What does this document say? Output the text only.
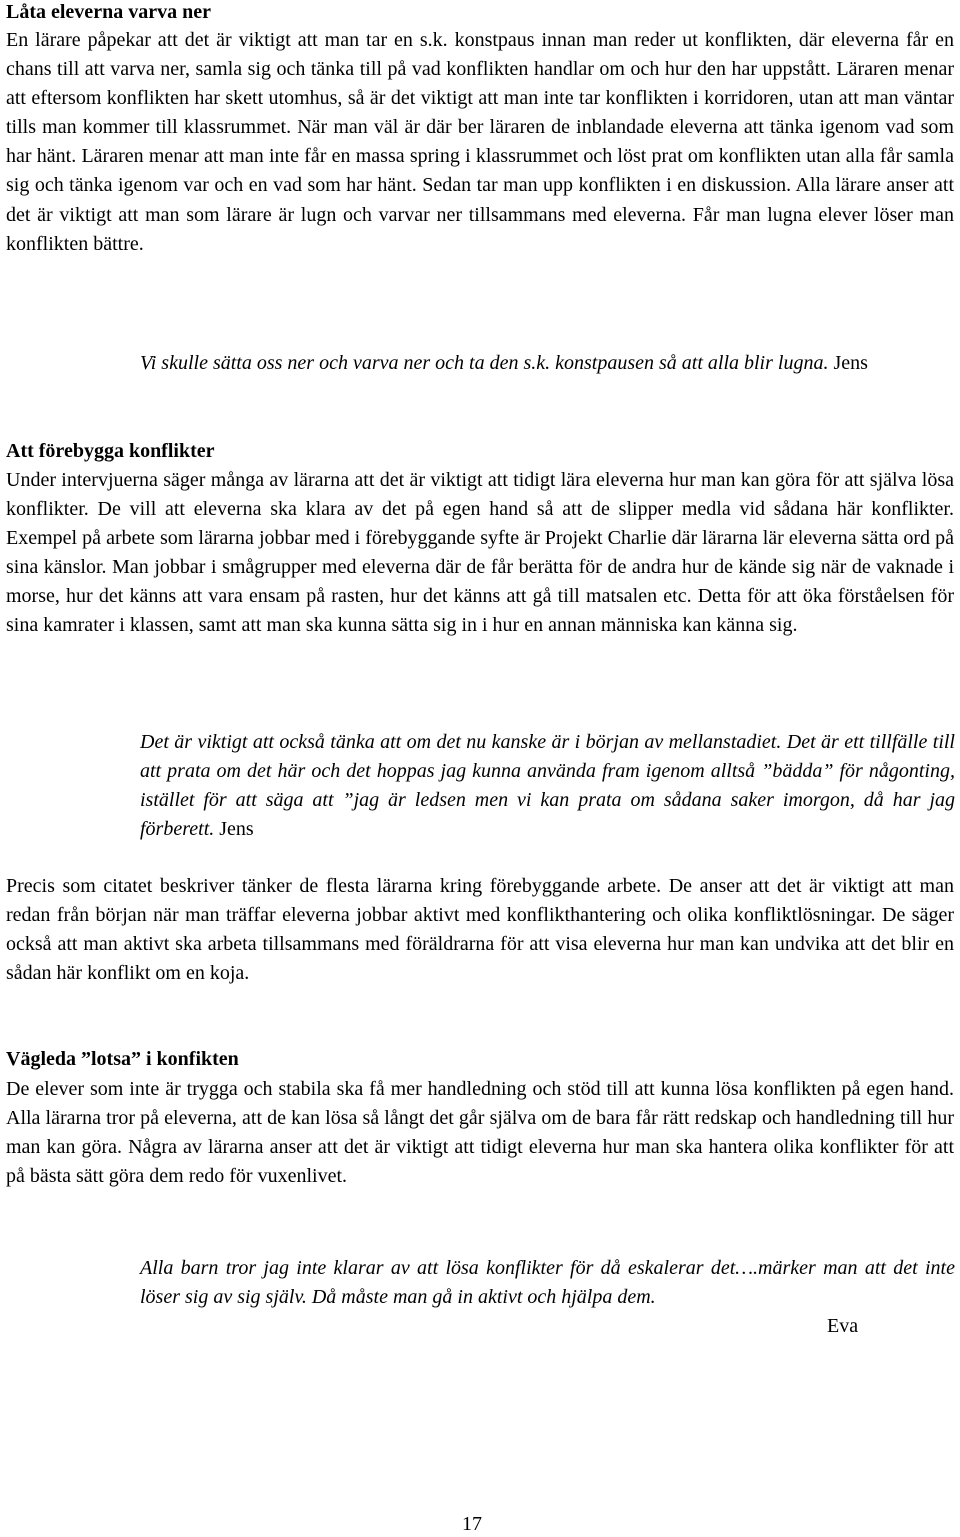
Låta eleverna varva ner

En lärare påpekar att det är viktigt att man tar en s.k. konstpaus innan man reder ut konflikten, där eleverna får en chans till att varva ner, samla sig och tänka till på vad konflikten handlar om och hur den har uppstått. Läraren menar att eftersom konflikten har skett utomhus, så är det viktigt att man inte tar konflikten i korridoren, utan att man väntar tills man kommer till klassrummet. När man väl är där ber läraren de inblandade eleverna att tänka igenom vad som har hänt. Läraren menar att man inte får en massa spring i klassrummet och löst prat om konflikten utan alla får samla sig och tänka igenom var och en vad som har hänt. Sedan tar man upp konflikten i en diskussion. Alla lärare anser att det är viktigt att man som lärare är lugn och varvar ner tillsammans med eleverna. Får man lugna elever löser man konflikten bättre.

Vi skulle sätta oss ner och varva ner och ta den s.k. konstpausen så att alla blir lugna. Jens

Att förebygga konflikter

Under intervjuerna säger många av lärarna att det är viktigt att tidigt lära eleverna hur man kan göra för att själva lösa konflikter. De vill att eleverna ska klara av det på egen hand så att de slipper medla vid sådana här konflikter. Exempel på arbete som lärarna jobbar med i förebyggande syfte är Projekt Charlie där lärarna lär eleverna sätta ord på sina känslor. Man jobbar i smågrupper med eleverna där de får berätta för de andra hur de kände sig när de vaknade i morse, hur det känns att vara ensam på rasten, hur det känns att gå till matsalen etc. Detta för att öka förståelsen för sina kamrater i klassen, samt att man ska kunna sätta sig in i hur en annan människa kan känna sig.

Det är viktigt att också tänka att om det nu kanske är i början av mellanstadiet. Det är ett tillfälle till att prata om det här och det hoppas jag kunna använda fram igenom alltså ”bädda” för någonting, istället för att säga att ”jag är ledsen men vi kan prata om sådana saker imorgon, då har jag förberett. Jens

Precis som citatet beskriver tänker de flesta lärarna kring förebyggande arbete. De anser att det är viktigt att man redan från början när man träffar eleverna jobbar aktivt med konflikthantering och olika konfliktlösningar. De säger också att man aktivt ska arbeta tillsammans med föräldrarna för att visa eleverna hur man kan undvika att det blir en sådan här konflikt om en koja.

Vägleda ”lotsa” i konfikten

De elever som inte är trygga och stabila ska få mer handledning och stöd till att kunna lösa konflikten på egen hand. Alla lärarna tror på eleverna, att de kan lösa så långt det går själva om de bara får rätt redskap och handledning till hur man kan göra. Några av lärarna anser att det är viktigt att tidigt eleverna hur man ska hantera olika konflikter för att på bästa sätt göra dem redo för vuxenlivet.

Alla barn tror jag inte klarar av att lösa konflikter för då eskalerar det….märker man att det inte löser sig av sig själv. Då måste man gå in aktivt och hjälpa dem.

Eva

17
